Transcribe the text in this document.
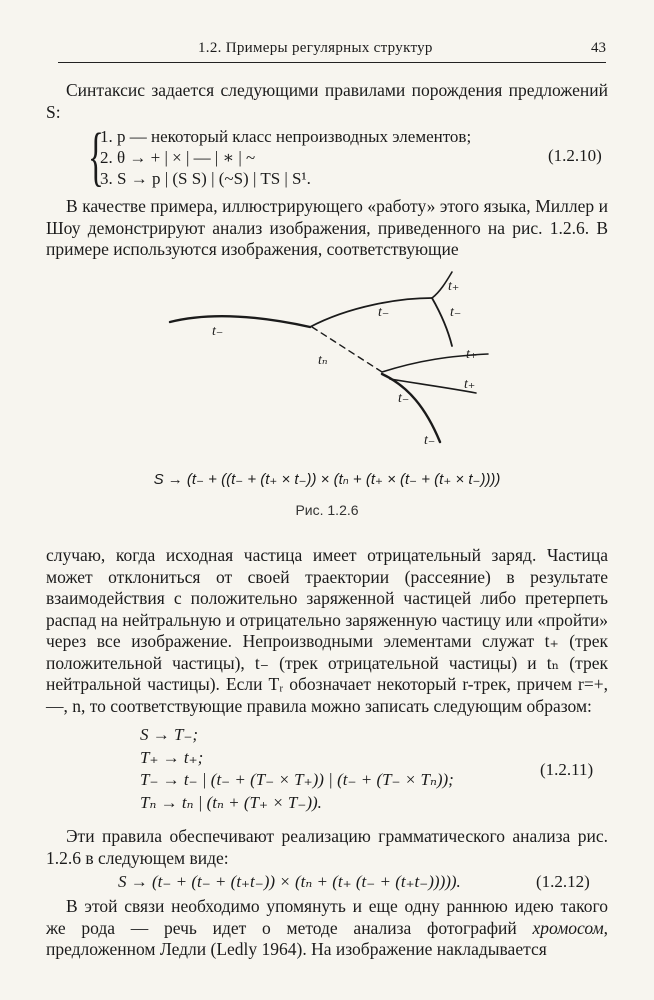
1.2. Примеры регулярных структур	43

Синтаксис задается следующими правилами порождения предложений S:

{
1. p — некоторый класс непроизводных элементов;
2. θ → + | × | — | ∗ | ~
3. S → p | (S S) | (~S) | TS | S¹.
(1.2.10)

В качестве примера, иллюстрирующего «работу» этого языка, Миллер и Шоу демонстрируют анализ изображения, приведенного на рис. 1.2.6. В примере используются изображения, соответствующие

t₋
t₋
tₙ
t₊
t₋
t₊
t₊
t₋
t₋
S → (t₋ + ((t₋ + (t₊ × t₋)) × (tₙ + (t₊ × (t₋ + (t₊ × t₋))))
Рис. 1.2.6

случаю, когда исходная частица имеет отрицательный заряд. Частица может отклониться от своей траектории (рассеяние) в результате взаимодействия с положительно заряженной частицей либо претерпеть распад на нейтральную и отрицательно заряженную частицу или «пройти» через все изображение. Непроизводными элементами служат t₊ (трек положительной частицы), t₋ (трек отрицательной частицы) и tₙ (трек нейтральной частицы). Если Tᵣ обозначает некоторый r-трек, причем r=+, —, n, то соответствующие правила можно записать следующим образом:

S → T₋;
T₊ → t₊;
T₋ → t₋ | (t₋ + (T₋ × T₊)) | (t₋ + (T₋ × Tₙ));
Tₙ → tₙ | (tₙ + (T₊ × T₋)).
(1.2.11)

Эти правила обеспечивают реализацию грамматического анализа рис. 1.2.6 в следующем виде:

S → (t₋ + (t₋ + (t₊t₋)) × (tₙ + (t₊ (t₋ + (t₊t₋))))).	(1.2.12)

В этой связи необходимо упомянуть и еще одну раннюю идею такого же рода — речь идет о методе анализа фотографий хромосом, предложенном Ледли (Ledly 1964). На изображение накладывается
